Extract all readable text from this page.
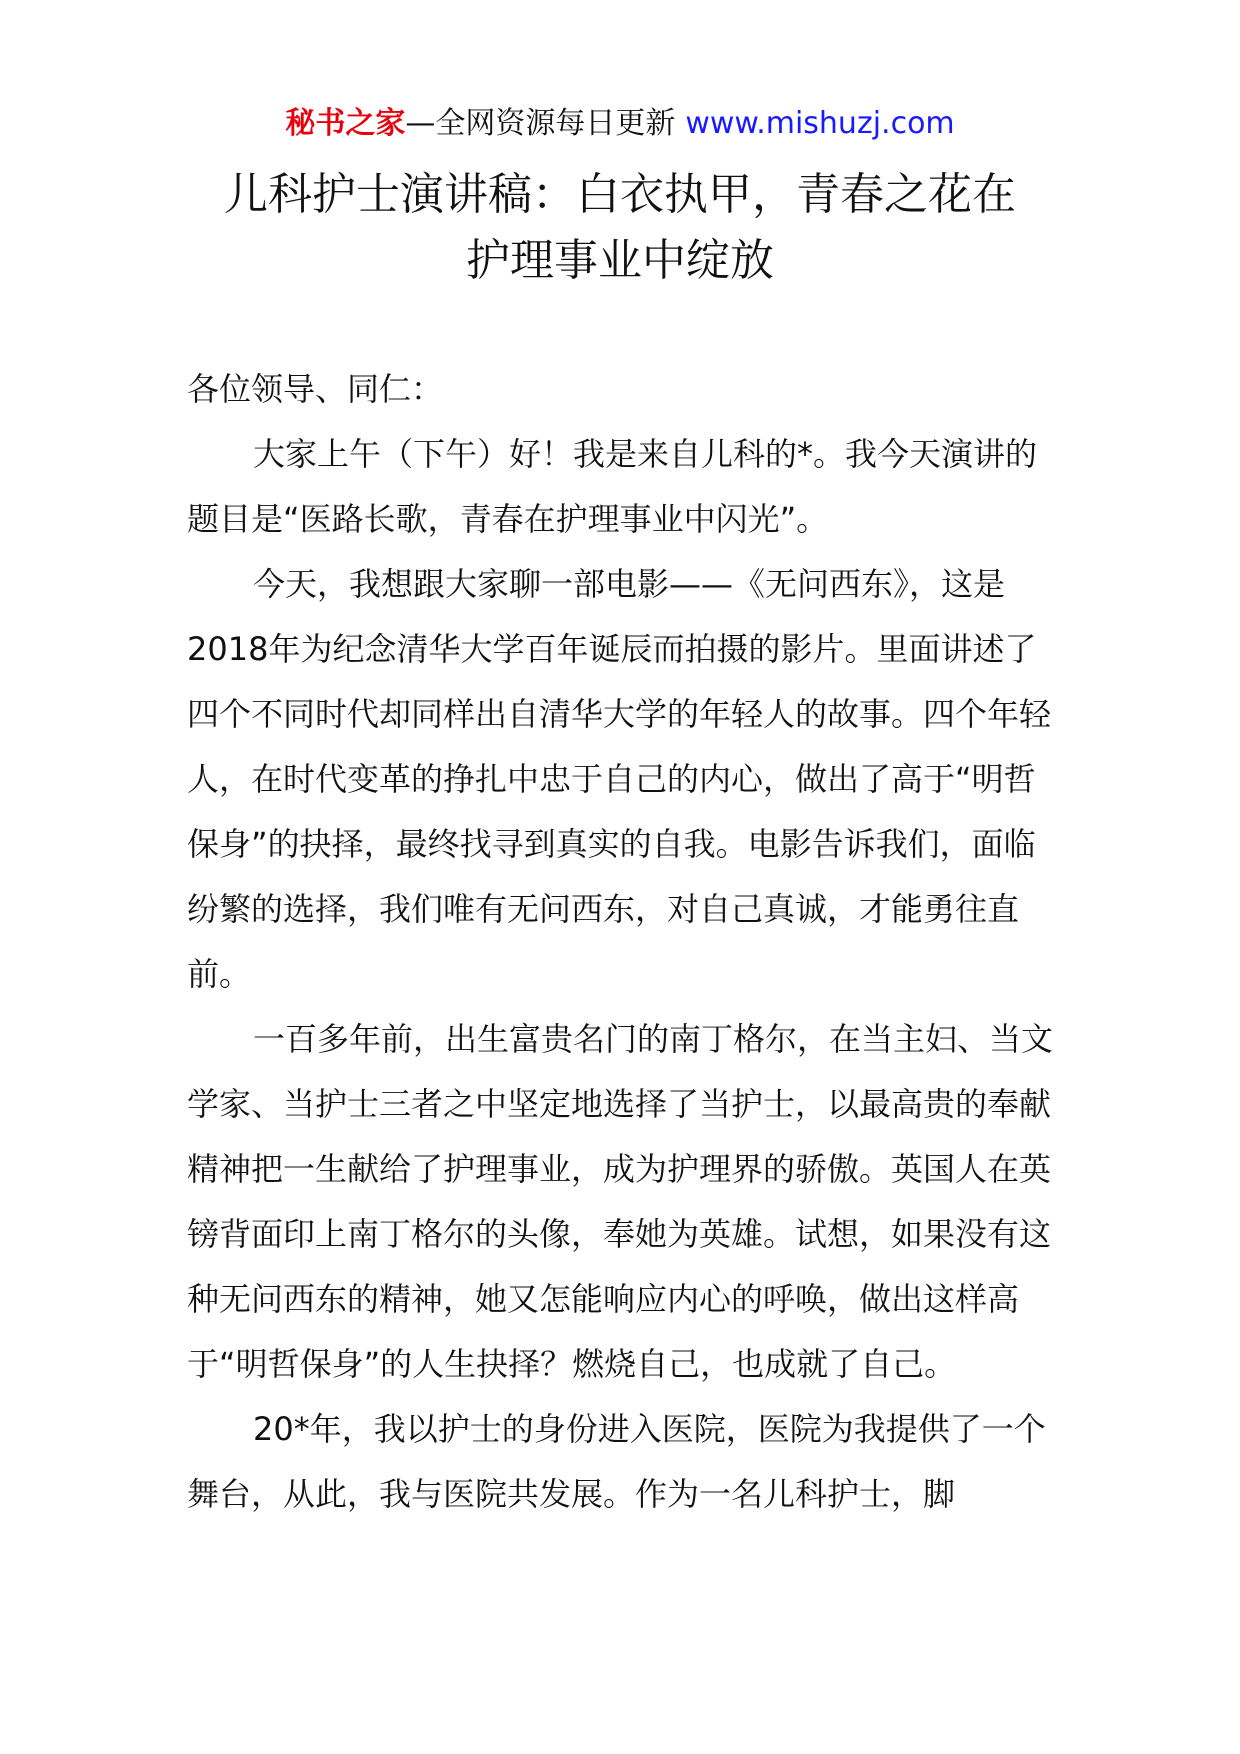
秘书之家—全网资源每日更新 www.mishuzj.com
儿科护士演讲稿：白衣执甲，青春之花在
护理事业中绽放

各位领导、同仁：

大家上午（下午）好！我是来自儿科的*。我今天演讲的题目是“医路长歌，青春在护理事业中闪光”。

今天，我想跟大家聊一部电影——《无问西东》，这是2018年为纪念清华大学百年诞辰而拍摄的影片。里面讲述了四个不同时代却同样出自清华大学的年轻人的故事。四个年轻人，在时代变革的挣扎中忠于自己的内心，做出了高于“明哲保身”的抉择，最终找寻到真实的自我。电影告诉我们，面临纷繁的选择，我们唯有无问西东，对自己真诚，才能勇往直前。

一百多年前，出生富贵名门的南丁格尔，在当主妇、当文学家、当护士三者之中坚定地选择了当护士，以最高贵的奉献精神把一生献给了护理事业，成为护理界的骄傲。英国人在英镑背面印上南丁格尔的头像，奉她为英雄。试想，如果没有这种无问西东的精神，她又怎能响应内心的呼唤，做出这样高于“明哲保身”的人生抉择？燃烧自己，也成就了自己。

20*年，我以护士的身份进入医院，医院为我提供了一个舞台，从此，我与医院共发展。作为一名儿科护士，脚
